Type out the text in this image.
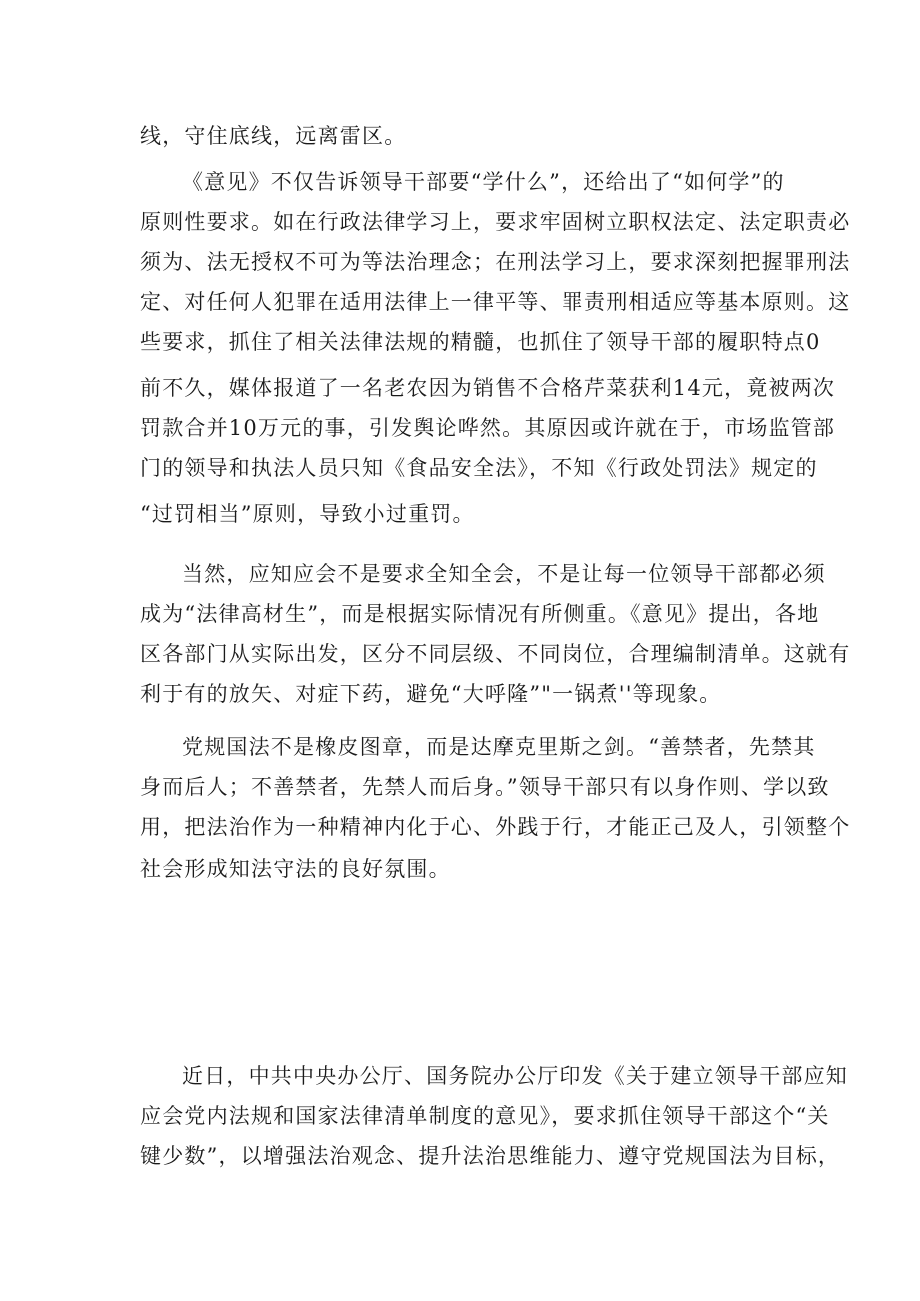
线，守住底线，远离雷区。
《意见》不仅告诉领导干部要“学什么”，还给出了“如何学”的
原则性要求。如在行政法律学习上，要求牢固树立职权法定、法定职责必
须为、法无授权不可为等法治理念；在刑法学习上，要求深刻把握罪刑法
定、对任何人犯罪在适用法律上一律平等、罪责刑相适应等基本原则。这
些要求，抓住了相关法律法规的精髓，也抓住了领导干部的履职特点0
前不久，媒体报道了一名老农因为销售不合格芹菜获利14元，竟被两次
罚款合并10万元的事，引发舆论哗然。其原因或许就在于，市场监管部
门的领导和执法人员只知《食品安全法》，不知《行政处罚法》规定的
“过罚相当”原则，导致小过重罚。
当然，应知应会不是要求全知全会，不是让每一位领导干部都必须
成为“法律高材生”，而是根据实际情况有所侧重。《意见》提出，各地
区各部门从实际出发，区分不同层级、不同岗位，合理编制清单。这就有
利于有的放矢、对症下药，避免“大呼隆”"一锅煮''等现象。
党规国法不是橡皮图章，而是达摩克里斯之剑。“善禁者，先禁其
身而后人；不善禁者，先禁人而后身。”领导干部只有以身作则、学以致
用，把法治作为一种精神内化于心、外践于行，才能正己及人，引领整个
社会形成知法守法的良好氛围。
近日，中共中央办公厅、国务院办公厅印发《关于建立领导干部应知
应会党内法规和国家法律清单制度的意见》，要求抓住领导干部这个“关
键少数”，以增强法治观念、提升法治思维能力、遵守党规国法为目标，
